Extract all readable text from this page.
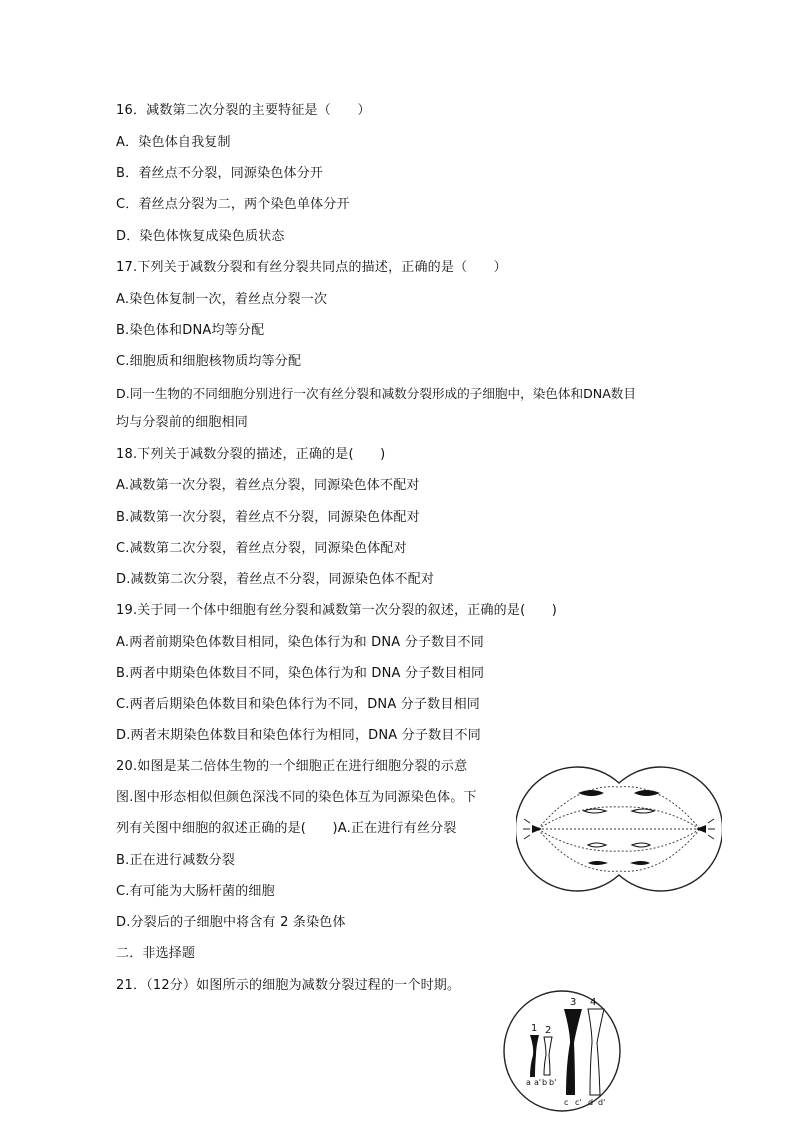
16．减数第二次分裂的主要特征是（　　）
A．染色体自我复制
B．着丝点不分裂，同源染色体分开
C．着丝点分裂为二，两个染色单体分开
D．染色体恢复成染色质状态
17.下列关于减数分裂和有丝分裂共同点的描述，正确的是（　　）
A.染色体复制一次，着丝点分裂一次
B.染色体和DNA均等分配
C.细胞质和细胞核物质均等分配
D.同一生物的不同细胞分别进行一次有丝分裂和减数分裂形成的子细胞中，染色体和DNA数目
均与分裂前的细胞相同
18.下列关于减数分裂的描述，正确的是(　　)
A.减数第一次分裂，着丝点分裂，同源染色体不配对
B.减数第一次分裂，着丝点不分裂，同源染色体配对
C.减数第二次分裂，着丝点分裂，同源染色体配对
D.减数第二次分裂，着丝点不分裂，同源染色体不配对
19.关于同一个体中细胞有丝分裂和减数第一次分裂的叙述，正确的是(　　)
A.两者前期染色体数目相同，染色体行为和 DNA 分子数目不同
B.两者中期染色体数目不同，染色体行为和 DNA 分子数目相同
C.两者后期染色体数目和染色体行为不同，DNA 分子数目相同
D.两者末期染色体数目和染色体行为相同，DNA 分子数目不同
20.如图是某二倍体生物的一个细胞正在进行细胞分裂的示意
图.图中形态相似但颜色深浅不同的染色体互为同源染色体。下
列有关图中细胞的叙述正确的是(　　)A.正在进行有丝分裂
B.正在进行减数分裂
C.有可能为大肠杆菌的细胞
D.分裂后的子细胞中将含有 2 条染色体
二．非选择题
21．（12分）如图所示的细胞为减数分裂过程的一个时期。
1 2
3 4
a a' b b'
c c' d d'
